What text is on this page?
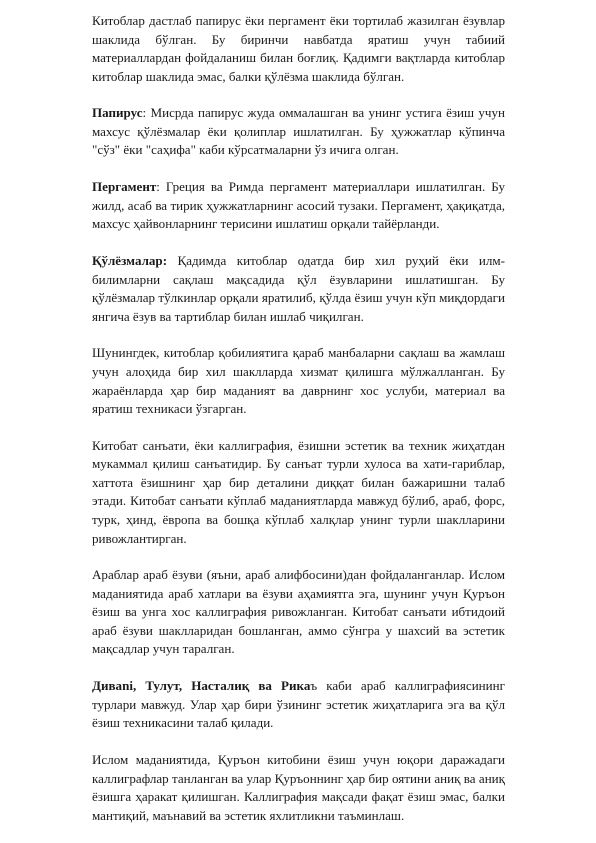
Китоблар дастлаб папирус ёки пергамент ёки тортилаб жазилган ёзувлар шаклида бўлган. Бу биринчи навбатда яратиш учун табиий материаллардан фойдаланиш билан боғлиқ. Қадимги вақтларда китоблар китоблар шаклида эмас, балки қўлёзма шаклида бўлган.

Папирус: Мисрда папирус жуда оммалашган ва унинг устига ёзиш учун махсус қўлёзмалар ёки қолиплар ишлатилган. Бу ҳужжатлар кўпинча "сўз" ёки "саҳифа" каби кўрсатмаларни ўз ичига олган.

Пергамент: Греция ва Римда пергамент материаллари ишлатилган. Бу жилд, асаб ва тирик ҳужжатларнинг асосий тузаки. Пергамент, ҳақиқатда, махсус ҳайвонларнинг терисини ишлатиш орқали тайёрланди.

Қўлёзмалар: Қадимда китоблар одатда бир хил руҳий ёки илм-билимларни сақлаш мақсадида қўл ёзувларини ишлатишган. Бу қўлёзмалар тўлкинлар орқали яратилиб, қўлда ёзиш учун кўп миқдордаги янгича ёзув ва тартиблар билан ишлаб чиқилган.

Шунингдек, китоблар қобилиятига қараб манбаларни сақлаш ва жамлаш учун алоҳида бир хил шаклларда хизмат қилишга мўлжалланган. Бу жараёнларда ҳар бир маданият ва даврнинг хос услуби, материал ва яратиш техникаси ўзгарган.

Китобат санъати, ёки каллиграфия, ёзишни эстетик ва техник жиҳатдан мукаммал қилиш санъатидир. Бу санъат турли хулоса ва хати-гариблар, хаттота ёзишнинг ҳар бир деталини диққат билан бажаришни талаб этади. Китобат санъати кўплаб маданиятларда мавжуд бўлиб, араб, форс, турк, ҳинд, ёвропа ва бошқа кўплаб халқлар унинг турли шаклларини ривожлантирган.

Араблар араб ёзуви (яъни, араб алифбосини)дан фойдаланганлар. Ислом маданиятида араб хатлари ва ёзуви аҳамиятга эга, шунинг учун Қуръон ёзиш ва унга хос каллиграфия ривожланган. Китобат санъати ибтидоий араб ёзуви шаклларидан бошланган, аммо сўнгра у шахсий ва эстетик мақсадлар учун таралган.

Диваni, Тулут, Насталиқ ва Рикаъ каби араб каллиграфиясининг турлари мавжуд. Улар ҳар бири ўзининг эстетик жиҳатларига эга ва қўл ёзиш техникасини талаб қилади.

Ислом маданиятида, Қуръон китобини ёзиш учун юқори даражадаги каллиграфлар танланган ва улар Қуръоннинг ҳар бир оятини аниқ ва аниқ ёзишга ҳаракат қилишган. Каллиграфия мақсади фақат ёзиш эмас, балки мантиқий, маънавий ва эстетик яхлитликни таъминлаш.
